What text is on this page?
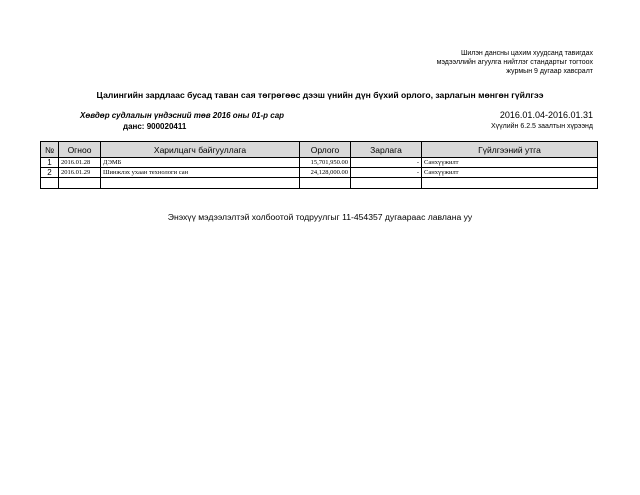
Шилэн дансны цахим хуудсанд тавигдах
мэдээллийн агуулга нийтлэг стандартыг тогтоох
журмын 9 дугаар хавсралт
Цалингийн зардлаас бусад таван сая төгрөгөөс дээш үнийн дүн бүхий орлого, зарлагын мөнгөн гүйлгээ
Хөвдөр судлалын үндэсний төв 2016 оны 01-р сар
данс: 900020411
2016.01.04-2016.01.31
Хүүлийн 6.2.5 заалтын хүрээнд
№	Огноо	Харилцагч байгууллага	Орлого	Зарлага	Гүйлгээний утга
1	2016.01.28	ДЭМБ	15,701,950.00	-	Санхүүжилт
2	2016.01.29	Шинжлэх ухаан технологи сан	24,128,000.00	-	Санхүүжилт

Энэхүү мэдээлэлтэй холбоотой тодруулгыг 11-454357 дугаараас лавлана уу
